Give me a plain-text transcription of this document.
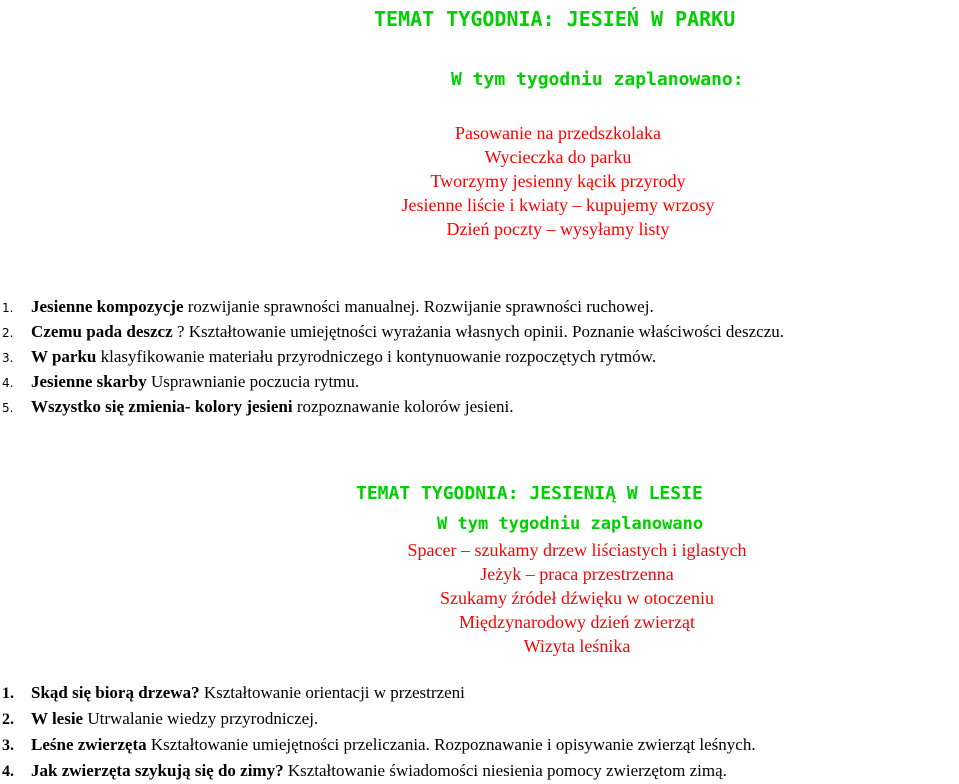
TEMAT TYGODNIA: JESIEŃ W PARKU
W tym tygodniu zaplanowano:
Pasowanie na przedszkolaka
Wycieczka do parku
Tworzymy jesienny kącik przyrody
Jesienne liście i kwiaty – kupujemy wrzosy
Dzień poczty – wysyłamy listy
1. Jesienne kompozycje rozwijanie sprawności manualnej. Rozwijanie sprawności ruchowej.
2. Czemu pada deszcz ? Kształtowanie umiejętności wyrażania własnych opinii. Poznanie właściwości deszczu.
3. W parku klasyfikowanie materiału przyrodniczego i kontynuowanie rozpoczętych rytmów.
4. Jesienne skarby Usprawnianie poczucia rytmu.
5. Wszystko się zmienia- kolory jesieni rozpoznawanie kolorów jesieni.
TEMAT TYGODNIA: JESIENIĄ W LESIE
W tym tygodniu zaplanowano
Spacer – szukamy drzew liściastych i iglastych
Jeżyk – praca przestrzenna
Szukamy źródeł dźwięku w otoczeniu
Międzynarodowy dzień zwierząt
Wizyta leśnika
1. Skąd się biorą drzewa? Kształtowanie orientacji w przestrzeni
2. W lesie Utrwalanie wiedzy przyrodniczej.
3. Leśne zwierzęta Kształtowanie umiejętności przeliczania. Rozpoznawanie i opisywanie zwierząt leśnych.
4. Jak zwierzęta szykują się do zimy? Kształtowanie świadomości niesienia pomocy zwierzętom zimą.
